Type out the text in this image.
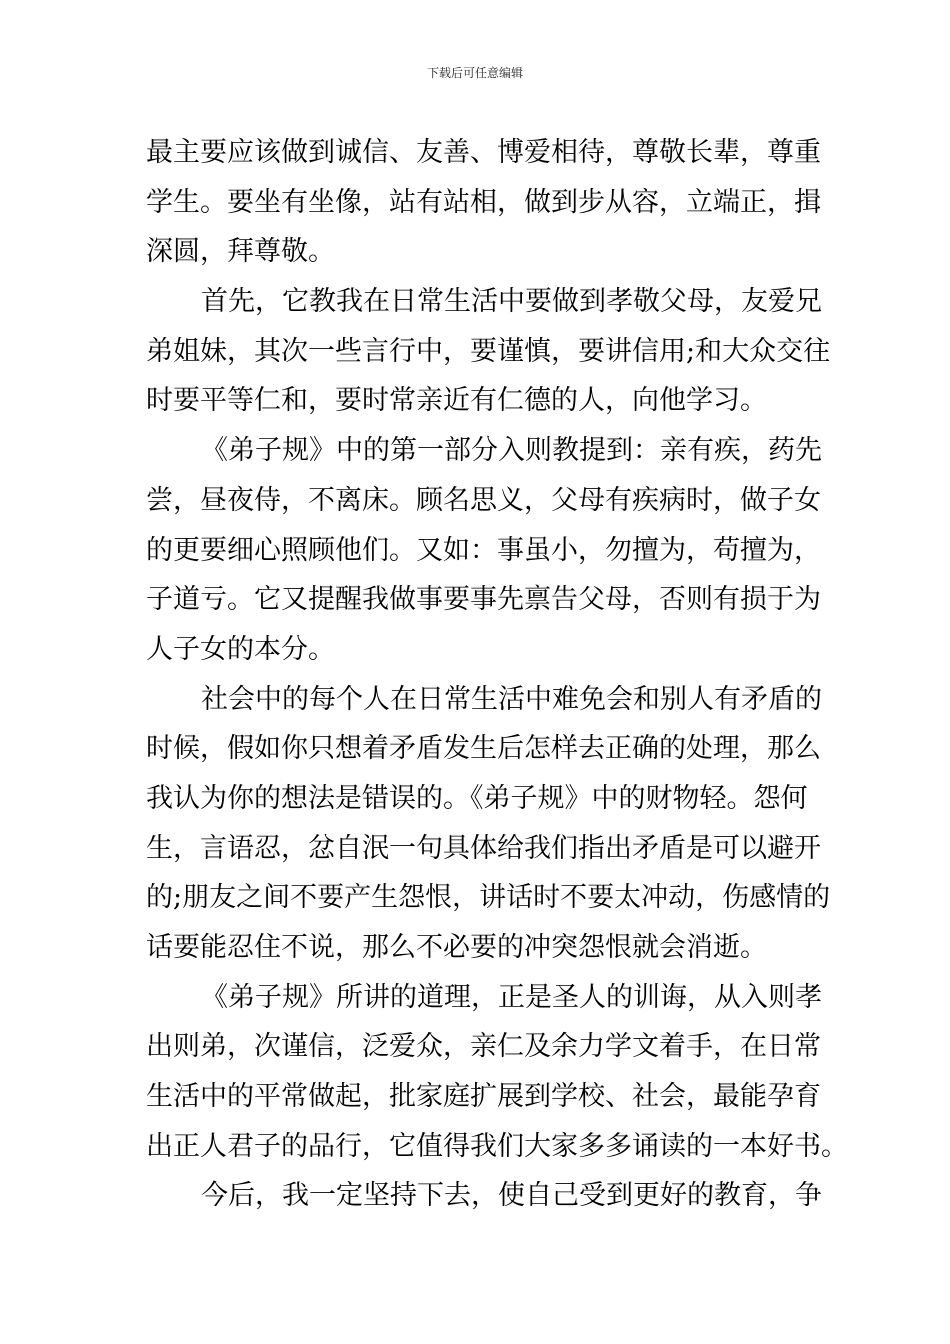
下载后可任意编辑
最主要应该做到诚信、友善、博爱相待，尊敬长辈，尊重
学生。要坐有坐像，站有站相，做到步从容，立端正，揖
深圆，拜尊敬。
首先，它教我在日常生活中要做到孝敬父母，友爱兄
弟姐妹，其次一些言行中，要谨慎，要讲信用;和大众交往
时要平等仁和，要时常亲近有仁德的人，向他学习。
《弟子规》中的第一部分入则教提到：亲有疾，药先
尝，昼夜侍，不离床。顾名思义，父母有疾病时，做子女
的更要细心照顾他们。又如：事虽小，勿擅为，苟擅为，
子道亏。它又提醒我做事要事先禀告父母，否则有损于为
人子女的本分。
社会中的每个人在日常生活中难免会和别人有矛盾的
时候，假如你只想着矛盾发生后怎样去正确的处理，那么
我认为你的想法是错误的。《弟子规》中的财物轻。怨何
生，言语忍，忿自泯一句具体给我们指出矛盾是可以避开
的;朋友之间不要产生怨恨，讲话时不要太冲动，伤感情的
话要能忍住不说，那么不必要的冲突怨恨就会消逝。
《弟子规》所讲的道理，正是圣人的训诲，从入则孝
出则弟，次谨信，泛爱众，亲仁及余力学文着手，在日常
生活中的平常做起，批家庭扩展到学校、社会，最能孕育
出正人君子的品行，它值得我们大家多多诵读的一本好书。
今后，我一定坚持下去，使自己受到更好的教育，争
